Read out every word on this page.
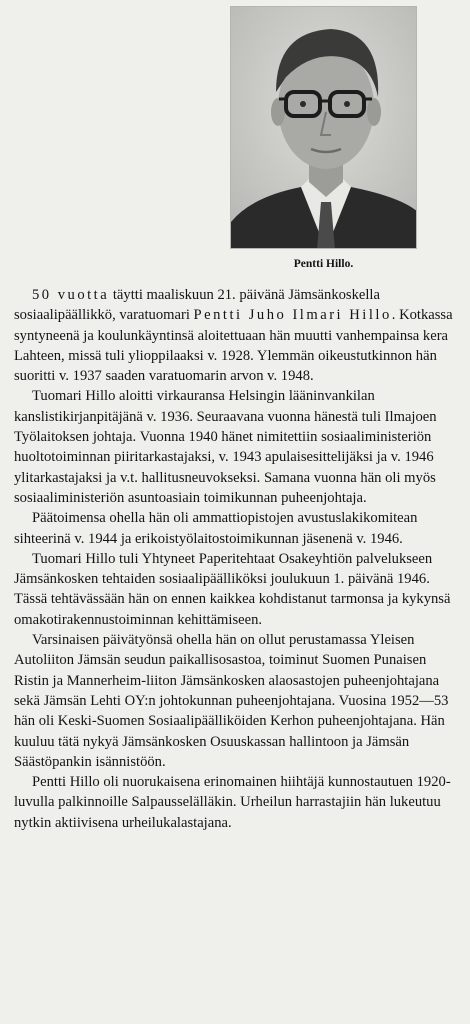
Pentti Hillo.

50 vuotta täytti maaliskuun 21. päivänä Jämsänkoskella sosiaalipäällikkö, varatuomari Pentti Juho Ilmari Hillo. Kotkassa syntyneenä ja koulunkäyntinsä aloitettuaan hän muutti vanhempainsa kera Lahteen, missä tuli ylioppilaaksi v. 1928. Ylemmän oikeustutkinnon hän suoritti v. 1937 saaden varatuomarin arvon v. 1948.

Tuomari Hillo aloitti virkauransa Helsingin lääninvankilan kanslistikirjanpitäjänä v. 1936. Seuraavana vuonna hänestä tuli Ilmajoen Työlaitoksen johtaja. Vuonna 1940 hänet nimitettiin sosiaaliministeriön huoltotoiminnan piiritarkastajaksi, v. 1943 apulaisesittelijäksi ja v. 1946 ylitarkastajaksi ja v.t. hallitusneuvokseksi. Samana vuonna hän oli myös sosiaaliministeriön asuntoasiain toimikunnan puheenjohtaja.

Päätoimensa ohella hän oli ammattiopistojen avustuslakikomitean sihteerinä v. 1944 ja erikoistyölaitostoimikunnan jäsenenä v. 1946.

Tuomari Hillo tuli Yhtyneet Paperitehtaat Osakeyhtiön palvelukseen Jämsänkosken tehtaiden sosiaalipäälliköksi joulukuun 1. päivänä 1946. Tässä tehtävässään hän on ennen kaikkea kohdistanut tarmonsa ja kykynsä omakotirakennustoiminnan kehittämiseen.

Varsinaisen päivätyönsä ohella hän on ollut perustamassa Yleisen Autoliiton Jämsän seudun paikallisosastoa, toiminut Suomen Punaisen Ristin ja Mannerheim-liiton Jämsänkosken alaosastojen puheenjohtajana sekä Jämsän Lehti OY:n johtokunnan puheenjohtajana. Vuosina 1952—53 hän oli Keski-Suomen Sosiaalipäälliköiden Kerhon puheenjohtajana. Hän kuuluu tätä nykyä Jämsänkosken Osuuskassan hallintoon ja Jämsän Säästöpankin isännistöön.

Pentti Hillo oli nuorukaisena erinomainen hiihtäjä kunnostautuen 1920-luvulla palkinnoille Salpausselälläkin. Urheilun harrastajiin hän lukeutuu nytkin aktiivisena urheilukalastajana.
